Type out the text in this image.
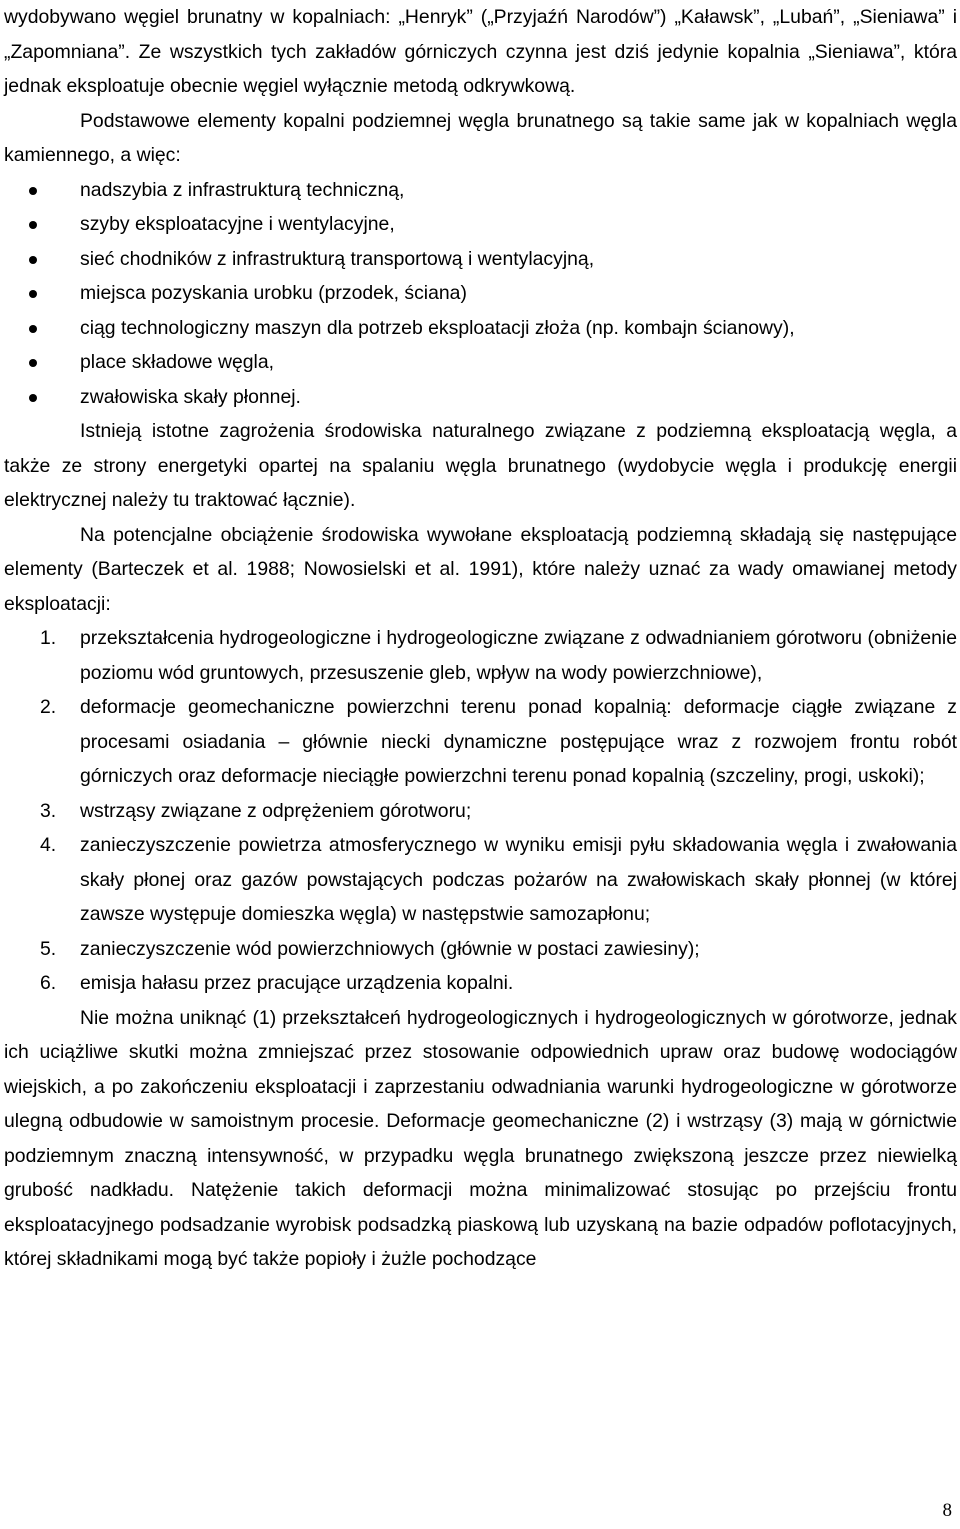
wydobywano węgiel brunatny w kopalniach: „Henryk” („Przyjaźń Narodów”) „Kaławsk”, „Lubań”, „Sieniawa” i „Zapomniana”. Ze wszystkich tych zakładów górniczych czynna jest dziś jedynie kopalnia „Sieniawa”, która jednak eksploatuje obecnie węgiel wyłącznie metodą odkrywkową.

Podstawowe elementy kopalni podziemnej węgla brunatnego są takie same jak w kopalniach węgla kamiennego, a więc:

nadszybia z infrastrukturą techniczną,
szyby eksploatacyjne i wentylacyjne,
sieć chodników z infrastrukturą transportową i wentylacyjną,
miejsca pozyskania urobku (przodek, ściana)
ciąg technologiczny maszyn dla potrzeb eksploatacji złoża (np. kombajn ścianowy),
place składowe węgla,
zwałowiska skały płonnej.

Istnieją istotne zagrożenia środowiska naturalnego związane z podziemną eksploatacją węgla, a także ze strony energetyki opartej na spalaniu węgla brunatnego (wydobycie węgla i produkcję energii elektrycznej należy tu traktować łącznie).

Na potencjalne obciążenie środowiska wywołane eksploatacją podziemną składają się następujące elementy (Barteczek et al. 1988; Nowosielski et al. 1991), które należy uznać za wady omawianej metody eksploatacji:

1. przekształcenia hydrogeologiczne i hydrogeologiczne związane z odwadnianiem górotworu (obniżenie poziomu wód gruntowych, przesuszenie gleb, wpływ na wody powierzchniowe),
2. deformacje geomechaniczne powierzchni terenu ponad kopalnią: deformacje ciągłe związane z procesami osiadania – głównie niecki dynamiczne postępujące wraz z rozwojem frontu robót górniczych oraz deformacje nieciągłe powierzchni terenu ponad kopalnią (szczeliny, progi, uskoki);
3. wstrząsy związane z odprężeniem górotworu;
4. zanieczyszczenie powietrza atmosferycznego w wyniku emisji pyłu składowania węgla i zwałowania skały płonej oraz gazów powstających podczas pożarów na zwałowiskach skały płonnej (w której zawsze występuje domieszka węgla) w następstwie samozapłonu;
5. zanieczyszczenie wód powierzchniowych (głównie w postaci zawiesiny);
6. emisja hałasu przez pracujące urządzenia kopalni.

Nie można uniknąć (1) przekształceń hydrogeologicznych i hydrogeologicznych w górotworze, jednak ich uciążliwe skutki można zmniejszać przez stosowanie odpowiednich upraw oraz budowę wodociągów wiejskich, a po zakończeniu eksploatacji i zaprzestaniu odwadniania warunki hydrogeologiczne w górotworze ulegną odbudowie w samoistnym procesie. Deformacje geomechaniczne (2) i wstrząsy (3) mają w górnictwie podziemnym znaczną intensywność, w przypadku węgla brunatnego zwiększoną jeszcze przez niewielką grubość nadkładu. Natężenie takich deformacji można minimalizować stosując po przejściu frontu eksploatacyjnego podsadzanie wyrobisk podsadzką piaskową lub uzyskaną na bazie odpadów poflotacyjnych, której składnikami mogą być także popioły i żużle pochodzące

8
